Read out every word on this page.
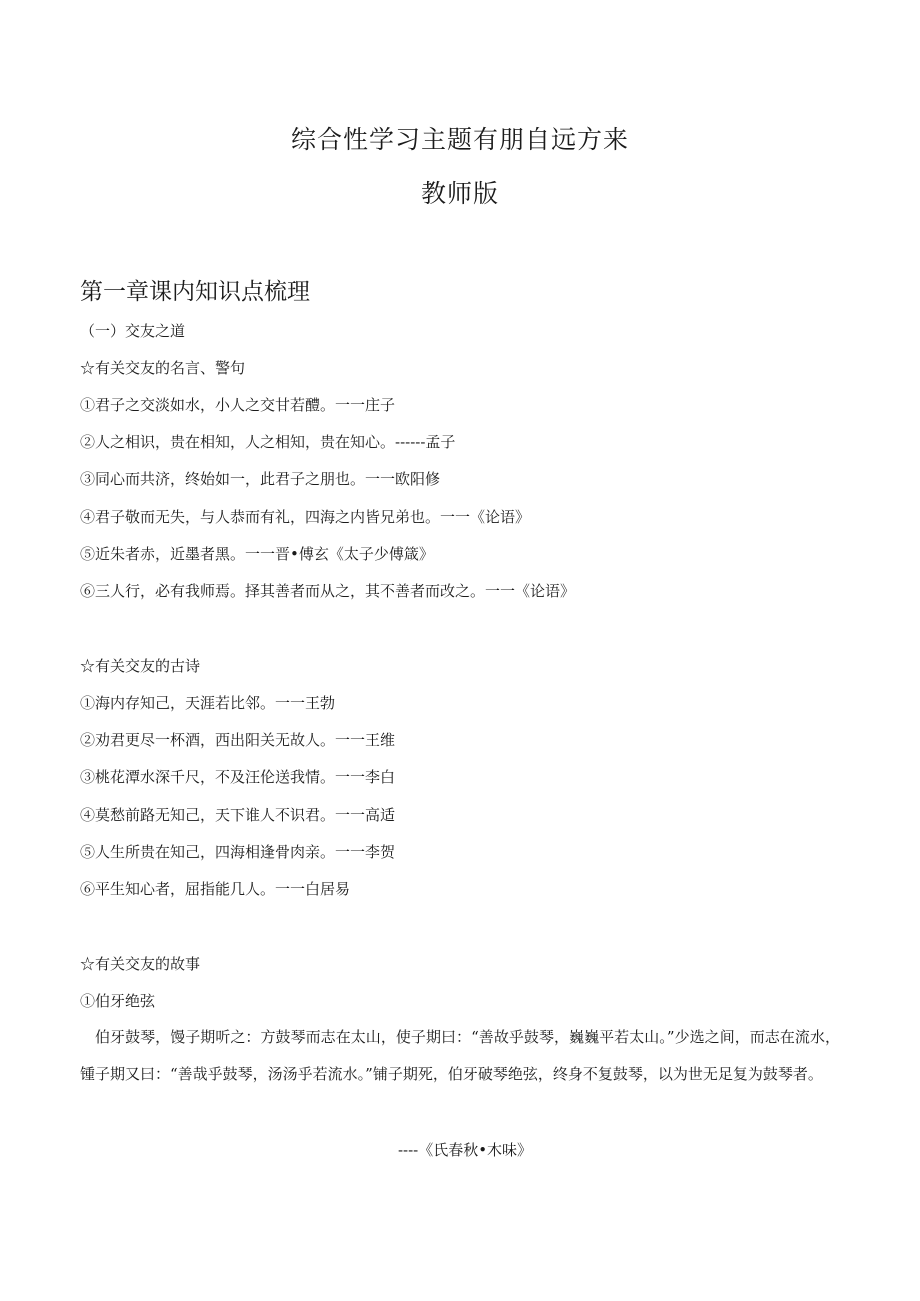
综合性学习主题有朋自远方来
教师版
第一章课内知识点梳理
（一）交友之道
☆有关交友的名言、警句
①君子之交淡如水，小人之交甘若醴。一一庄子
②人之相识，贵在相知，人之相知，贵在知心。------孟子
③同心而共济，终始如一，此君子之朋也。一一欧阳修
④君子敬而无失，与人恭而有礼，四海之内皆兄弟也。一一《论语》
⑤近朱者赤，近墨者黑。一一晋•傅玄《太子少傅箴》
⑥三人行，必有我师焉。择其善者而从之，其不善者而改之。一一《论语》
☆有关交友的古诗
①海内存知己，天涯若比邻。一一王勃
②劝君更尽一杯酒，西出阳关无故人。一一王维
③桃花潭水深千尺，不及汪伦送我情。一一李白
④莫愁前路无知己，天下谁人不识君。一一高适
⑤人生所贵在知己，四海相逢骨肉亲。一一李贺
⑥平生知心者，屈指能几人。一一白居易
☆有关交友的故事
①伯牙绝弦
伯牙鼓琴，馒子期听之：方鼓琴而志在太山，使子期曰：“善故乎鼓琴，巍巍平若太山。”少选之间，而志在流水，锺子期又曰：“善哉乎鼓琴，汤汤乎若流水。”铺子期死，伯牙破琴绝弦，终身不复鼓琴，以为世无足复为鼓琴者。
----《氏春秋•木味》
